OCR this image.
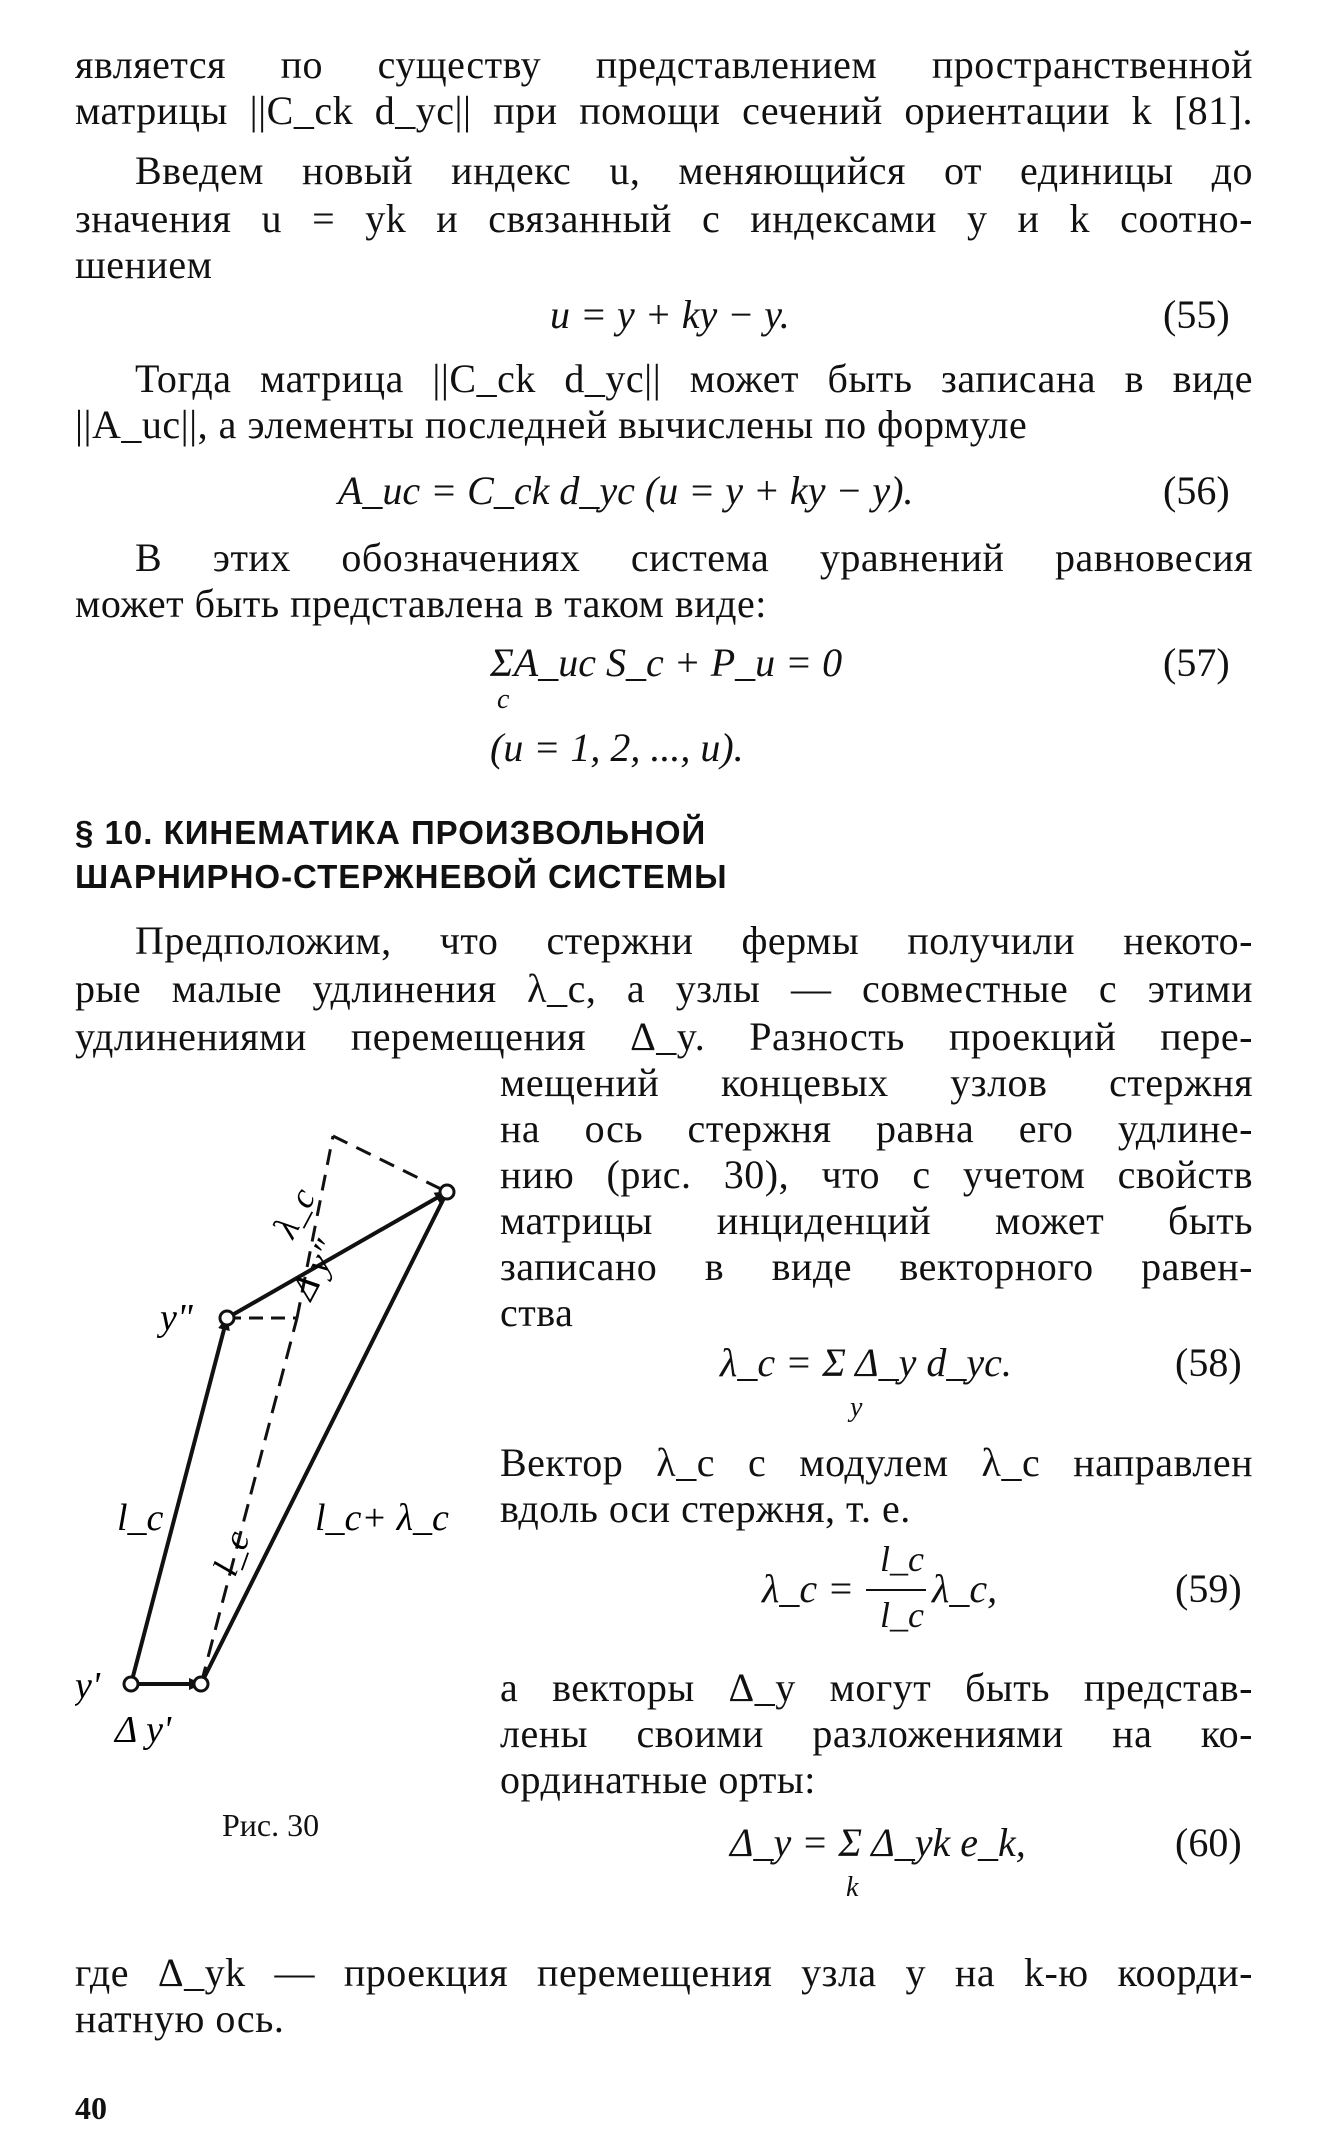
является по существу представлением пространственной
матрицы ||C_ck d_yc|| при помощи сечений ориентации k [81].
Введем новый индекс u, меняющийся от единицы до
значения u = yk и связанный с индексами y и k соотно-
шением
u = y + ky − y.	(55)
Тогда матрица ||C_ck d_yc|| может быть записана в виде
||A_uc||, а элементы последней вычислены по формуле
A_uc = C_ck d_yc (u = y + ky − y).	(56)
В этих обозначениях система уравнений равновесия
может быть представлена в таком виде:
ΣA_uc S_c + P_u = 0
c
(u = 1, 2, ..., u).
(57)
§ 10. КИНЕМАТИКА ПРОИЗВОЛЬНОЙ
ШАРНИРНО-СТЕРЖНЕВОЙ СИСТЕМЫ
Предположим, что стержни фермы получили некото-
рые малые удлинения λ_c, а узлы — совместные с этими
удлинениями перемещения Δ_y. Разность проекций пере-
мещений концевых узлов стержня
на ось стержня равна его удлине-
нию (рис. 30), что с учетом свойств
матрицы инциденций может быть
записано в виде векторного равен-
ства
λ_c = Σ Δ_y d_yc.
y
(58)
Вектор λ_c с модулем λ_c направлен
вдоль оси стержня, т. е.
λ_c =
l_c
l_c
λ_c,	(59)
а векторы Δ_y могут быть представ-
лены своими разложениями на ко-
ординатные орты:
Δ_y = Σ Δ_yk e_k,
k
(60)
где Δ_yk — проекция перемещения узла y на k-ю коорди-
натную ось.
Рис. 30
40
y"
y'
Δ y'
l_c	l_c+ λ_c
λ_c
Δ y"
l_c
